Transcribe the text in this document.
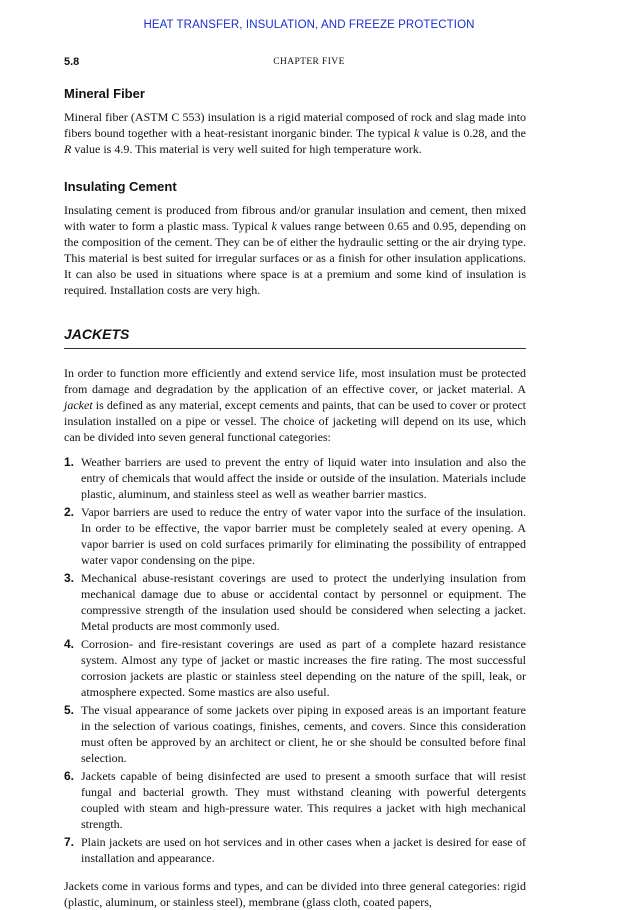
HEAT TRANSFER, INSULATION, AND FREEZE PROTECTION
5.8	CHAPTER FIVE
Mineral Fiber

Mineral fiber (ASTM C 553) insulation is a rigid material composed of rock and slag made into fibers bound together with a heat-resistant inorganic binder. The typical k value is 0.28, and the R value is 4.9. This material is very well suited for high temperature work.

Insulating Cement

Insulating cement is produced from fibrous and/or granular insulation and cement, then mixed with water to form a plastic mass. Typical k values range between 0.65 and 0.95, depending on the composition of the cement. They can be of either the hydraulic setting or the air drying type. This material is best suited for irregular surfaces or as a finish for other insulation applications. It can also be used in situations where space is at a premium and some kind of insulation is required. Installation costs are very high.

JACKETS

In order to function more efficiently and extend service life, most insulation must be protected from damage and degradation by the application of an effective cover, or jacket material. A jacket is defined as any material, except cements and paints, that can be used to cover or protect insulation installed on a pipe or vessel. The choice of jacketing will depend on its use, which can be divided into seven general functional categories:

1. Weather barriers are used to prevent the entry of liquid water into insulation and also the entry of chemicals that would affect the inside or outside of the insulation. Materials include plastic, aluminum, and stainless steel as well as weather barrier mastics.
2. Vapor barriers are used to reduce the entry of water vapor into the surface of the insulation. In order to be effective, the vapor barrier must be completely sealed at every opening. A vapor barrier is used on cold surfaces primarily for eliminating the possibility of entrapped water vapor condensing on the pipe.
3. Mechanical abuse-resistant coverings are used to protect the underlying insulation from mechanical damage due to abuse or accidental contact by personnel or equipment. The compressive strength of the insulation used should be considered when selecting a jacket. Metal products are most commonly used.
4. Corrosion- and fire-resistant coverings are used as part of a complete hazard resistance system. Almost any type of jacket or mastic increases the fire rating. The most successful corrosion jackets are plastic or stainless steel depending on the nature of the spill, leak, or atmosphere expected. Some mastics are also useful.
5. The visual appearance of some jackets over piping in exposed areas is an important feature in the selection of various coatings, finishes, cements, and covers. Since this consideration must often be approved by an architect or client, he or she should be consulted before final selection.
6. Jackets capable of being disinfected are used to present a smooth surface that will resist fungal and bacterial growth. They must withstand cleaning with powerful detergents coupled with steam and high-pressure water. This requires a jacket with high mechanical strength.
7. Plain jackets are used on hot services and in other cases when a jacket is desired for ease of installation and appearance.

Jackets come in various forms and types, and can be divided into three general categories: rigid (plastic, aluminum, or stainless steel), membrane (glass cloth, coated papers,
